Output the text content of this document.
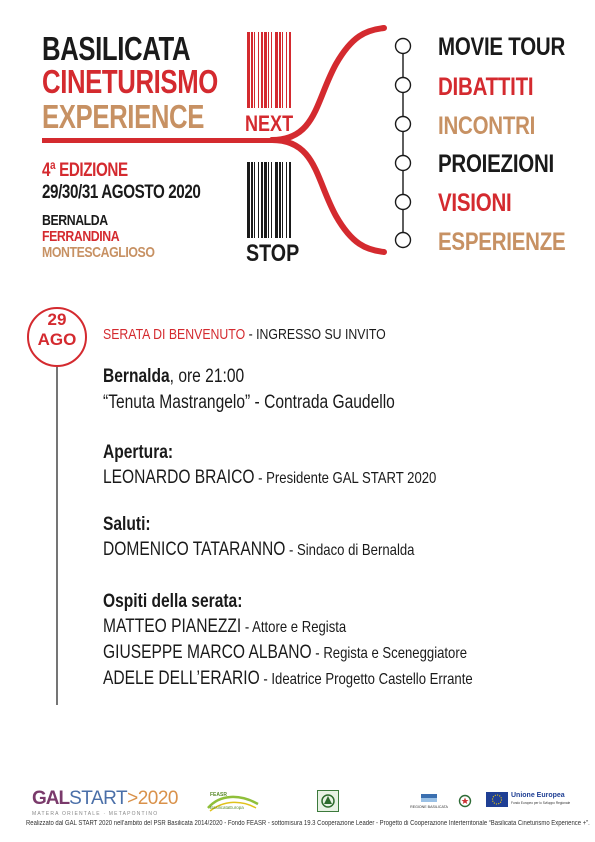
BASILICATA
CINETURISMO
EXPERIENCE
4ª EDIZIONE
29/30/31 AGOSTO 2020
BERNALDA
FERRANDINA
MONTESCAGLIOSO
NEXT
STOP
MOVIE TOUR
DIBATTITI
INCONTRI
PROIEZIONI
VISIONI
ESPERIENZE
29
AGO	SERATA DI BENVENUTO - INGRESSO SU INVITO
Bernalda, ore 21:00
“Tenuta Mastrangelo” - Contrada Gaudello
Apertura:
LEONARDO BRAICO - Presidente GAL START 2020
Saluti:
DOMENICO TATARANNO - Sindaco di Bernalda
Ospiti della serata:
MATTEO PIANEZZI - Attore e Regista
GIUSEPPE MARCO ALBANO - Regista e Sceneggiatore
ADELE DELL’ERARIO - Ideatrice Progetto Castello Errante
GALSTART>2020
MATERA ORIENTALE · METAPONTINO
FEASR
BasilicataEuropa	REGIONE BASILICATA
Unione Europea
Fondo Europeo per lo Sviluppo Regionale
Realizzato dal GAL START 2020 nell’ambito del PSR Basilicata 2014/2020 - Fondo FEASR - sottomisura 19.3 Cooperazione Leader - Progetto di Cooperazione Interterritoriale “Basilicata Cineturismo Experience +”.
